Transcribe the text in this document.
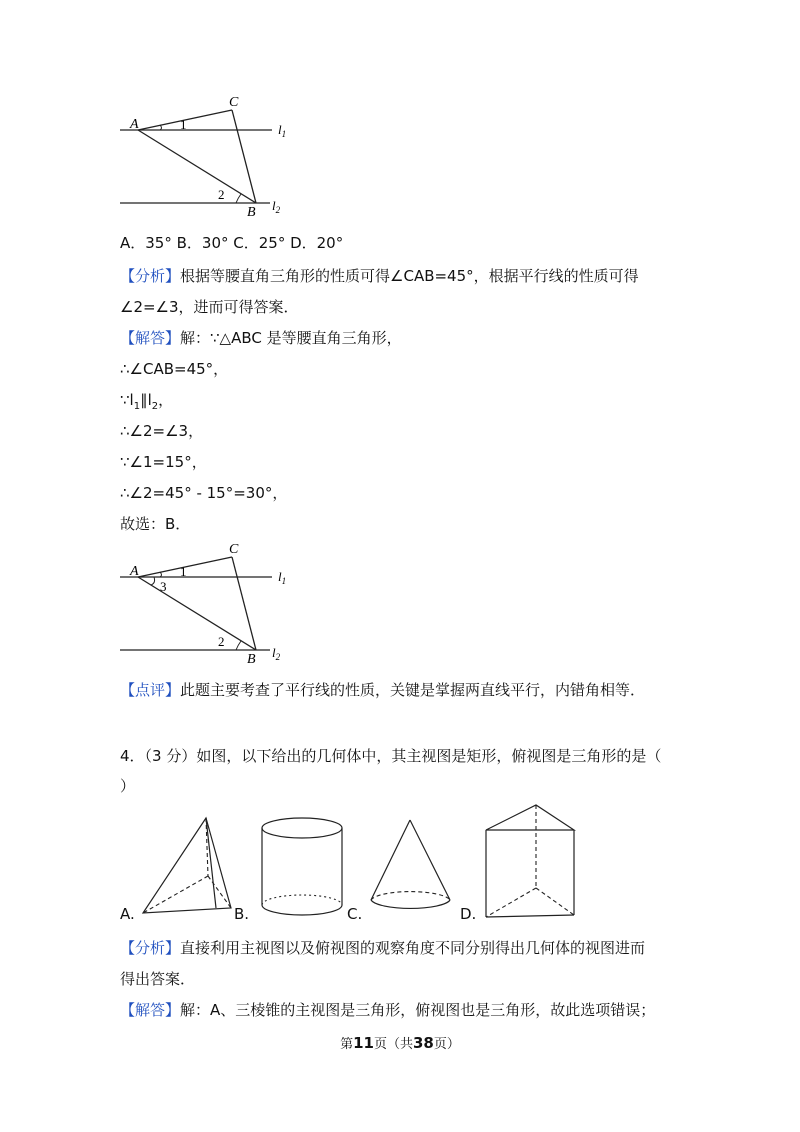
A
C
B
1
2
$l_1$
$l_2$
A．35° B．30° C．25° D．20°
【分析】根据等腰直角三角形的性质可得∠CAB=45°，根据平行线的性质可得
∠2=∠3，进而可得答案．
【解答】解：∵△ABC 是等腰直角三角形，
∴∠CAB=45°，
$\because l_1\parallel l_2$，
∴∠2=∠3，
∵∠1=15°，
∴∠2=45° - 15°=30°，
故选：B．
A
C
B
1
3
2
$l_1$
$l_2$
【点评】此题主要考查了平行线的性质，关键是掌握两直线平行，内错角相等．
4．（3 分）如图，以下给出的几何体中，其主视图是矩形，俯视图是三角形的是（
）
A.	B.	C.	D.
【分析】直接利用主视图以及俯视图的观察角度不同分别得出几何体的视图进而
得出答案．
【解答】解：A、三棱锥的主视图是三角形，俯视图也是三角形，故此选项错误；
第11页（共38页）
